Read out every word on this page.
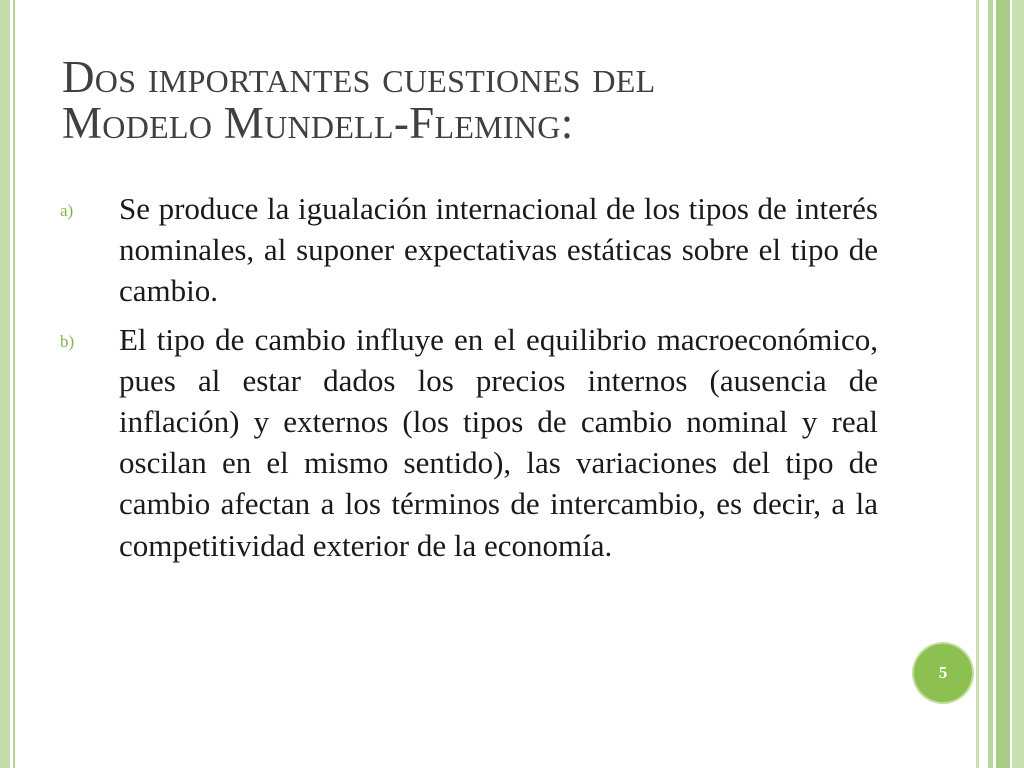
Dos importantes cuestiones del
Modelo Mundell-Fleming:
a) Se produce la igualación internacional de los tipos de interés nominales, al suponer expectativas estáticas sobre el tipo de cambio.
b) El tipo de cambio influye en el equilibrio macroeconómico, pues al estar dados los precios internos (ausencia de inflación) y externos (los tipos de cambio nominal y real oscilan en el mismo sentido), las variaciones del tipo de cambio afectan a los términos de intercambio, es decir, a la competitividad exterior de la economía.
5
